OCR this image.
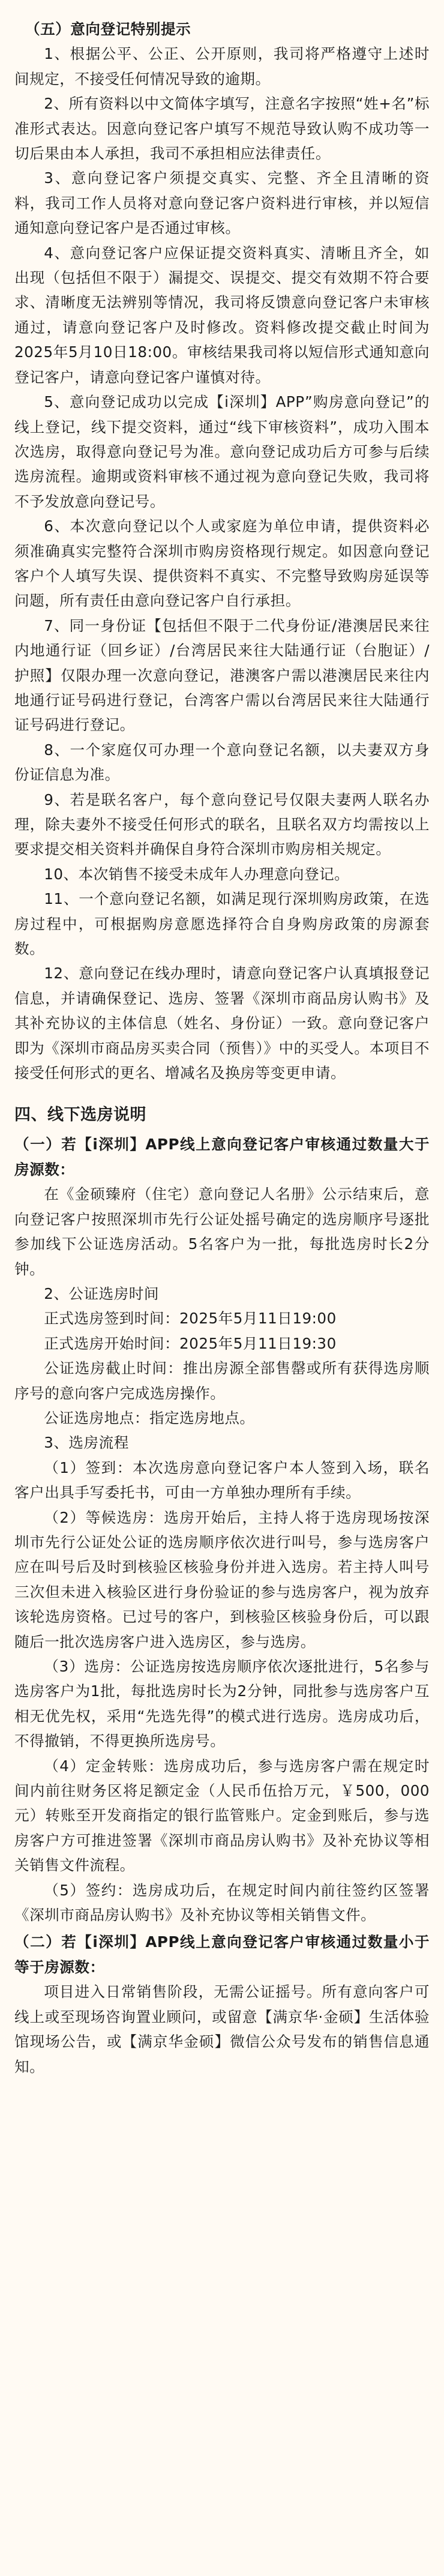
（五）意向登记特别提示

1、根据公平、公正、公开原则，我司将严格遵守上述时间规定，不接受任何情况导致的逾期。

2、所有资料以中文简体字填写，注意名字按照“姓+名”标准形式表达。因意向登记客户填写不规范导致认购不成功等一切后果由本人承担，我司不承担相应法律责任。

3、意向登记客户须提交真实、完整、齐全且清晰的资料，我司工作人员将对意向登记客户资料进行审核，并以短信通知意向登记客户是否通过审核。

4、意向登记客户应保证提交资料真实、清晰且齐全，如出现（包括但不限于）漏提交、误提交、提交有效期不符合要求、清晰度无法辨别等情况，我司将反馈意向登记客户未审核通过，请意向登记客户及时修改。资料修改提交截止时间为 2025年5月10日18:00。审核结果我司将以短信形式通知意向登记客户，请意向登记客户谨慎对待。

5、意向登记成功以完成【i深圳】APP”购房意向登记”的线上登记，线下提交资料，通过“线下审核资料”，成功入围本次选房，取得意向登记号为准。意向登记成功后方可参与后续选房流程。逾期或资料审核不通过视为意向登记失败，我司将不予发放意向登记号。

6、本次意向登记以个人或家庭为单位申请，提供资料必须准确真实完整符合深圳市购房资格现行规定。如因意向登记客户个人填写失误、提供资料不真实、不完整导致购房延误等问题，所有责任由意向登记客户自行承担。

7、同一身份证【包括但不限于二代身份证/港澳居民来往内地通行证（回乡证）/台湾居民来往大陆通行证（台胞证）/护照】仅限办理一次意向登记，港澳客户需以港澳居民来往内地通行证号码进行登记，台湾客户需以台湾居民来往大陆通行证号码进行登记。

8、一个家庭仅可办理一个意向登记名额，以夫妻双方身份证信息为准。

9、若是联名客户，每个意向登记号仅限夫妻两人联名办理，除夫妻外不接受任何形式的联名，且联名双方均需按以上要求提交相关资料并确保自身符合深圳市购房相关规定。

10、本次销售不接受未成年人办理意向登记。

11、一个意向登记名额，如满足现行深圳购房政策，在选房过程中，可根据购房意愿选择符合自身购房政策的房源套数。

12、意向登记在线办理时，请意向登记客户认真填报登记信息，并请确保登记、选房、签署《深圳市商品房认购书》及其补充协议的主体信息（姓名、身份证）一致。意向登记客户即为《深圳市商品房买卖合同（预售）》中的买受人。本项目不接受任何形式的更名、增减名及换房等变更申请。

四、线下选房说明

（一）若【i深圳】APP线上意向登记客户审核通过数量大于房源数：

在《金硕臻府（住宅）意向登记人名册》公示结束后，意向登记客户按照深圳市先行公证处摇号确定的选房顺序号逐批参加线下公证选房活动。5名客户为一批，每批选房时长2分钟。

2、公证选房时间

正式选房签到时间：2025年5月11日19:00

正式选房开始时间：2025年5月11日19:30

公证选房截止时间：推出房源全部售罄或所有获得选房顺序号的意向客户完成选房操作。

公证选房地点：指定选房地点。

3、选房流程

（1）签到：本次选房意向登记客户本人签到入场，联名客户出具手写委托书，可由一方单独办理所有手续。

（2）等候选房：选房开始后，主持人将于选房现场按深圳市先行公证处公证的选房顺序依次进行叫号，参与选房客户应在叫号后及时到核验区核验身份并进入选房。若主持人叫号三次但未进入核验区进行身份验证的参与选房客户，视为放弃该轮选房资格。已过号的客户，到核验区核验身份后，可以跟随后一批次选房客户进入选房区，参与选房。

（3）选房：公证选房按选房顺序依次逐批进行，5名参与选房客户为1批，每批选房时长为2分钟，同批参与选房客户互相无优先权，采用“先选先得”的模式进行选房。选房成功后，不得撤销，不得更换所选房号。

（4）定金转账：选房成功后，参与选房客户需在规定时间内前往财务区将足额定金（人民币伍拾万元，￥500，000元）转账至开发商指定的银行监管账户。定金到账后，参与选房客户方可推进签署《深圳市商品房认购书》及补充协议等相关销售文件流程。

（5）签约：选房成功后，在规定时间内前往签约区签署《深圳市商品房认购书》及补充协议等相关销售文件。

（二）若【i深圳】APP线上意向登记客户审核通过数量小于等于房源数：

项目进入日常销售阶段，无需公证摇号。所有意向客户可线上或至现场咨询置业顾问，或留意【满京华·金硕】生活体验馆现场公告，或【满京华金硕】微信公众号发布的销售信息通知。
